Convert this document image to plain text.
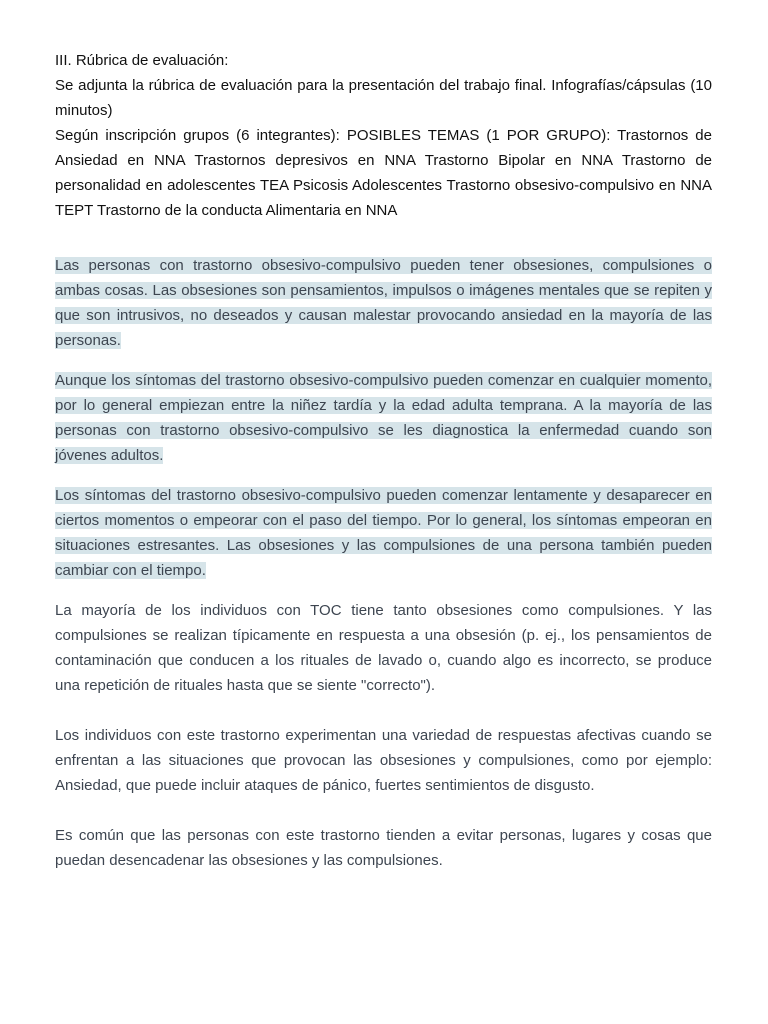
III. Rúbrica de evaluación:
Se adjunta la rúbrica de evaluación para la presentación del trabajo final. Infografías/cápsulas (10 minutos)
Según inscripción grupos (6 integrantes): POSIBLES TEMAS (1 POR GRUPO): Trastornos de Ansiedad en NNA Trastornos depresivos en NNA Trastorno Bipolar en NNA Trastorno de personalidad en adolescentes TEA Psicosis Adolescentes Trastorno obsesivo-compulsivo en NNA TEPT Trastorno de la conducta Alimentaria en NNA

Las personas con trastorno obsesivo-compulsivo pueden tener obsesiones, compulsiones o ambas cosas. Las obsesiones son pensamientos, impulsos o imágenes mentales que se repiten y que son intrusivos, no deseados y causan malestar provocando ansiedad en la mayoría de las personas.

Aunque los síntomas del trastorno obsesivo-compulsivo pueden comenzar en cualquier momento, por lo general empiezan entre la niñez tardía y la edad adulta temprana. A la mayoría de las personas con trastorno obsesivo-compulsivo se les diagnostica la enfermedad cuando son jóvenes adultos.

Los síntomas del trastorno obsesivo-compulsivo pueden comenzar lentamente y desaparecer en ciertos momentos o empeorar con el paso del tiempo. Por lo general, los síntomas empeoran en situaciones estresantes. Las obsesiones y las compulsiones de una persona también pueden cambiar con el tiempo.

La mayoría de los individuos con TOC tiene tanto obsesiones como compulsiones. Y las compulsiones se realizan típicamente en respuesta a una obsesión (p. ej., los pensamientos de contaminación que conducen a los rituales de lavado o, cuando algo es incorrecto, se produce una repetición de rituales hasta que se siente "correcto").

Los individuos con este trastorno experimentan una variedad de respuestas afectivas cuando se enfrentan a las situaciones que provocan las obsesiones y compulsiones, como por ejemplo: Ansiedad, que puede incluir ataques de pánico, fuertes sentimientos de disgusto.

Es común que las personas con este trastorno tienden a evitar personas, lugares y cosas que puedan desencadenar las obsesiones y las compulsiones.
